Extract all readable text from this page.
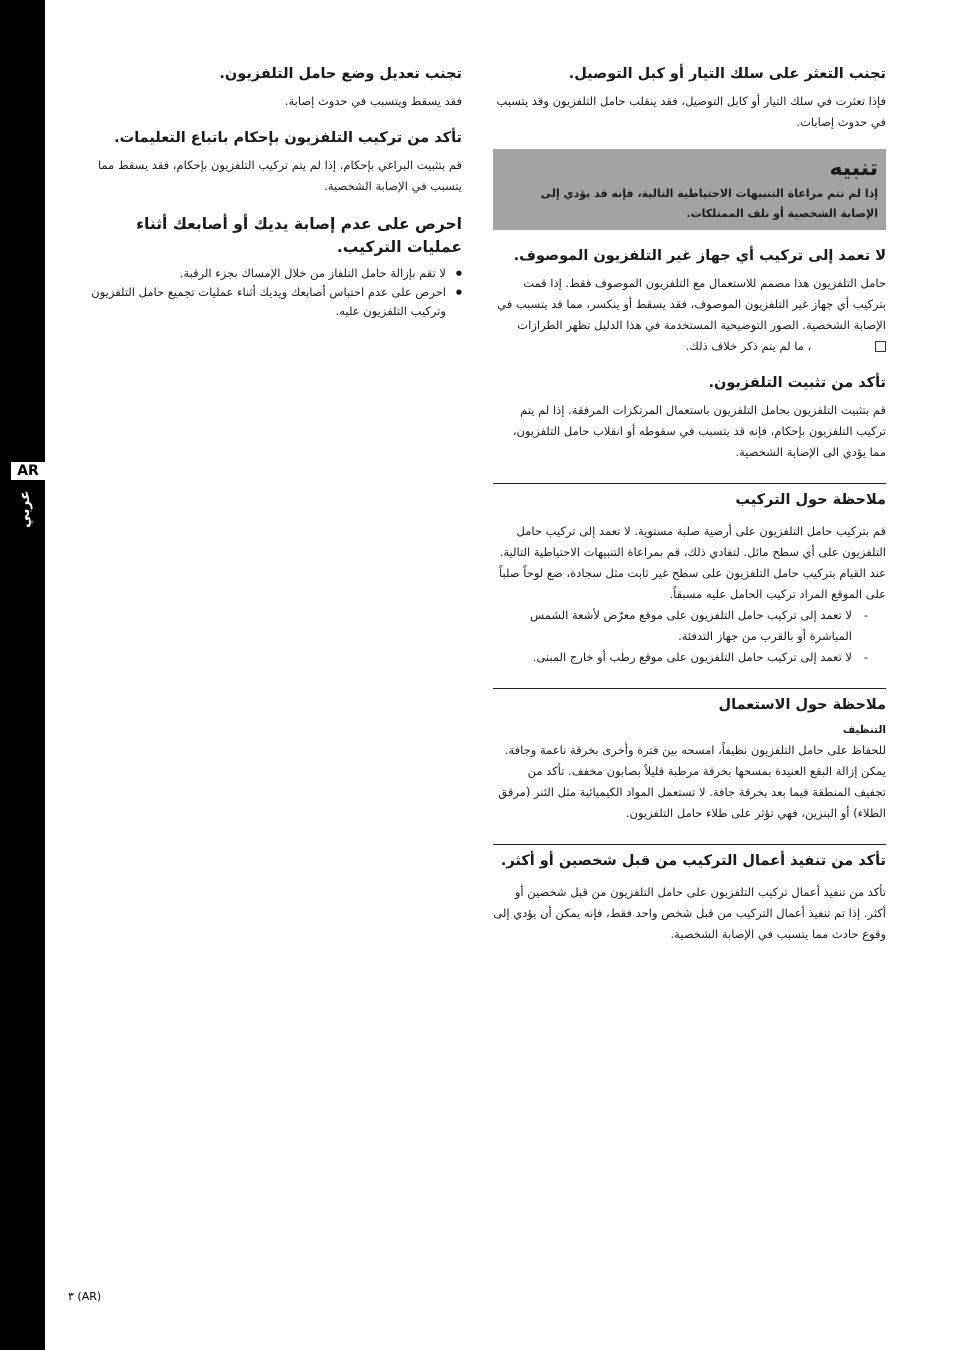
AR
عربي
تجنب التعثر على سلك التيار أو كبل التوصيل.

فإذا تعثرت في سلك التيار أو كابل التوصيل، فقد ينقلب حامل التلفزيون وقد يتسبب في حدوث إصابات.

تنبيه
إذا لم تتم مراعاة التنبيهات الاحتياطية التالية، فإنه قد يؤدي إلى الإصابة الشخصية أو تلف الممتلكات.
لا تعمد إلى تركيب أي جهاز غير التلفزيون الموصوف.

حامل التلفزيون هذا مصمم للاستعمال مع التلفزيون الموصوف فقط. إذا قمت بتركيب أي جهاز غير التلفزيون الموصوف، فقد يسقط أو ينكسر، مما قد يتسبب في الإصابة الشخصية. الصور التوضيحية المستخدمة في هذا الدليل تظهر الطرازات
، ما لم يتم ذكر خلاف ذلك.

تأكد من تثبيت التلفزيون.

قم بتثبيت التلفزيون بحامل التلفزيون باستعمال المرتكزات المرفقة. إذا لم يتم تركيب التلفزيون بإحكام، فإنه قد يتسبب في سقوطه أو انقلاب حامل التلفزيون، مما يؤدي الى الإصابة الشخصية.

ملاحظة حول التركيب

قم بتركيب حامل التلفزيون على أرضية صلبة مستوية. لا تعمد إلى تركيب حامل التلفزيون على أي سطح مائل. لتفادي ذلك، قم بمراعاة التنبيهات الاحتياطية التالية. عند القيام بتركيب حامل التلفزيون على سطح غير ثابت مثل سجادة، ضع لوحاً صلباً على الموقع المراد تركيب الحامل عليه مسبقاً.

- لا تعمد إلى تركيب حامل التلفزيون على موقع معرّض لأشعة الشمس المباشرة أو بالقرب من جهاز التدفئة.
- لا تعمد إلى تركيب حامل التلفزيون على موقع رطب أو خارج المبنى.
ملاحظة حول الاستعمال
التنظيف

للحفاظ على حامل التلفزيون نظيفاً، امسحه بين فترة وأخرى بخرقة ناعمة وجافة. يمكن إزالة البقع العنيدة بمسحها بخرقة مرطبة قليلاً بصابون مخفف. تأكد من تجفيف المنطقة فيما بعد بخرقة جافة. لا تستعمل المواد الكيميائية مثل الثنر (مرقق الطلاء) أو البنزين، فهي تؤثر على طلاء حامل التلفزيون.

تأكد من تنفيذ أعمال التركيب من قبل شخصين أو أكثر.

تأكد من تنفيذ أعمال تركيب التلفزيون على حامل التلفزيون من قبل شخصين أو أكثر. إذا تم تنفيذ أعمال التركيب من قبل شخص واحد فقط، فإنه يمكن أن يؤدي إلى وقوع حادث مما يتسبب في الإصابة الشخصية.

تجنب تعديل وضع حامل التلفزيون.

فقد يسقط ويتسبب في حدوث إصابة.

تأكد من تركيب التلفزيون بإحكام باتباع التعليمات.

قم بتثبيت البراغي بإحكام. إذا لم يتم تركيب التلفزيون بإحكام، فقد يسقط مما يتسبب في الإصابة الشخصية.

احرص على عدم إصابة يديك أو أصابعك أثناء عمليات التركيب.
● لا تقم بإزالة حامل التلفاز من خلال الإمساك بجزء الرقبة.
● احرص على عدم احتباس أصابعك ويديك أثناء عمليات تجميع حامل التلفزيون وتركيب التلفزيون عليه.
٣ (AR)
